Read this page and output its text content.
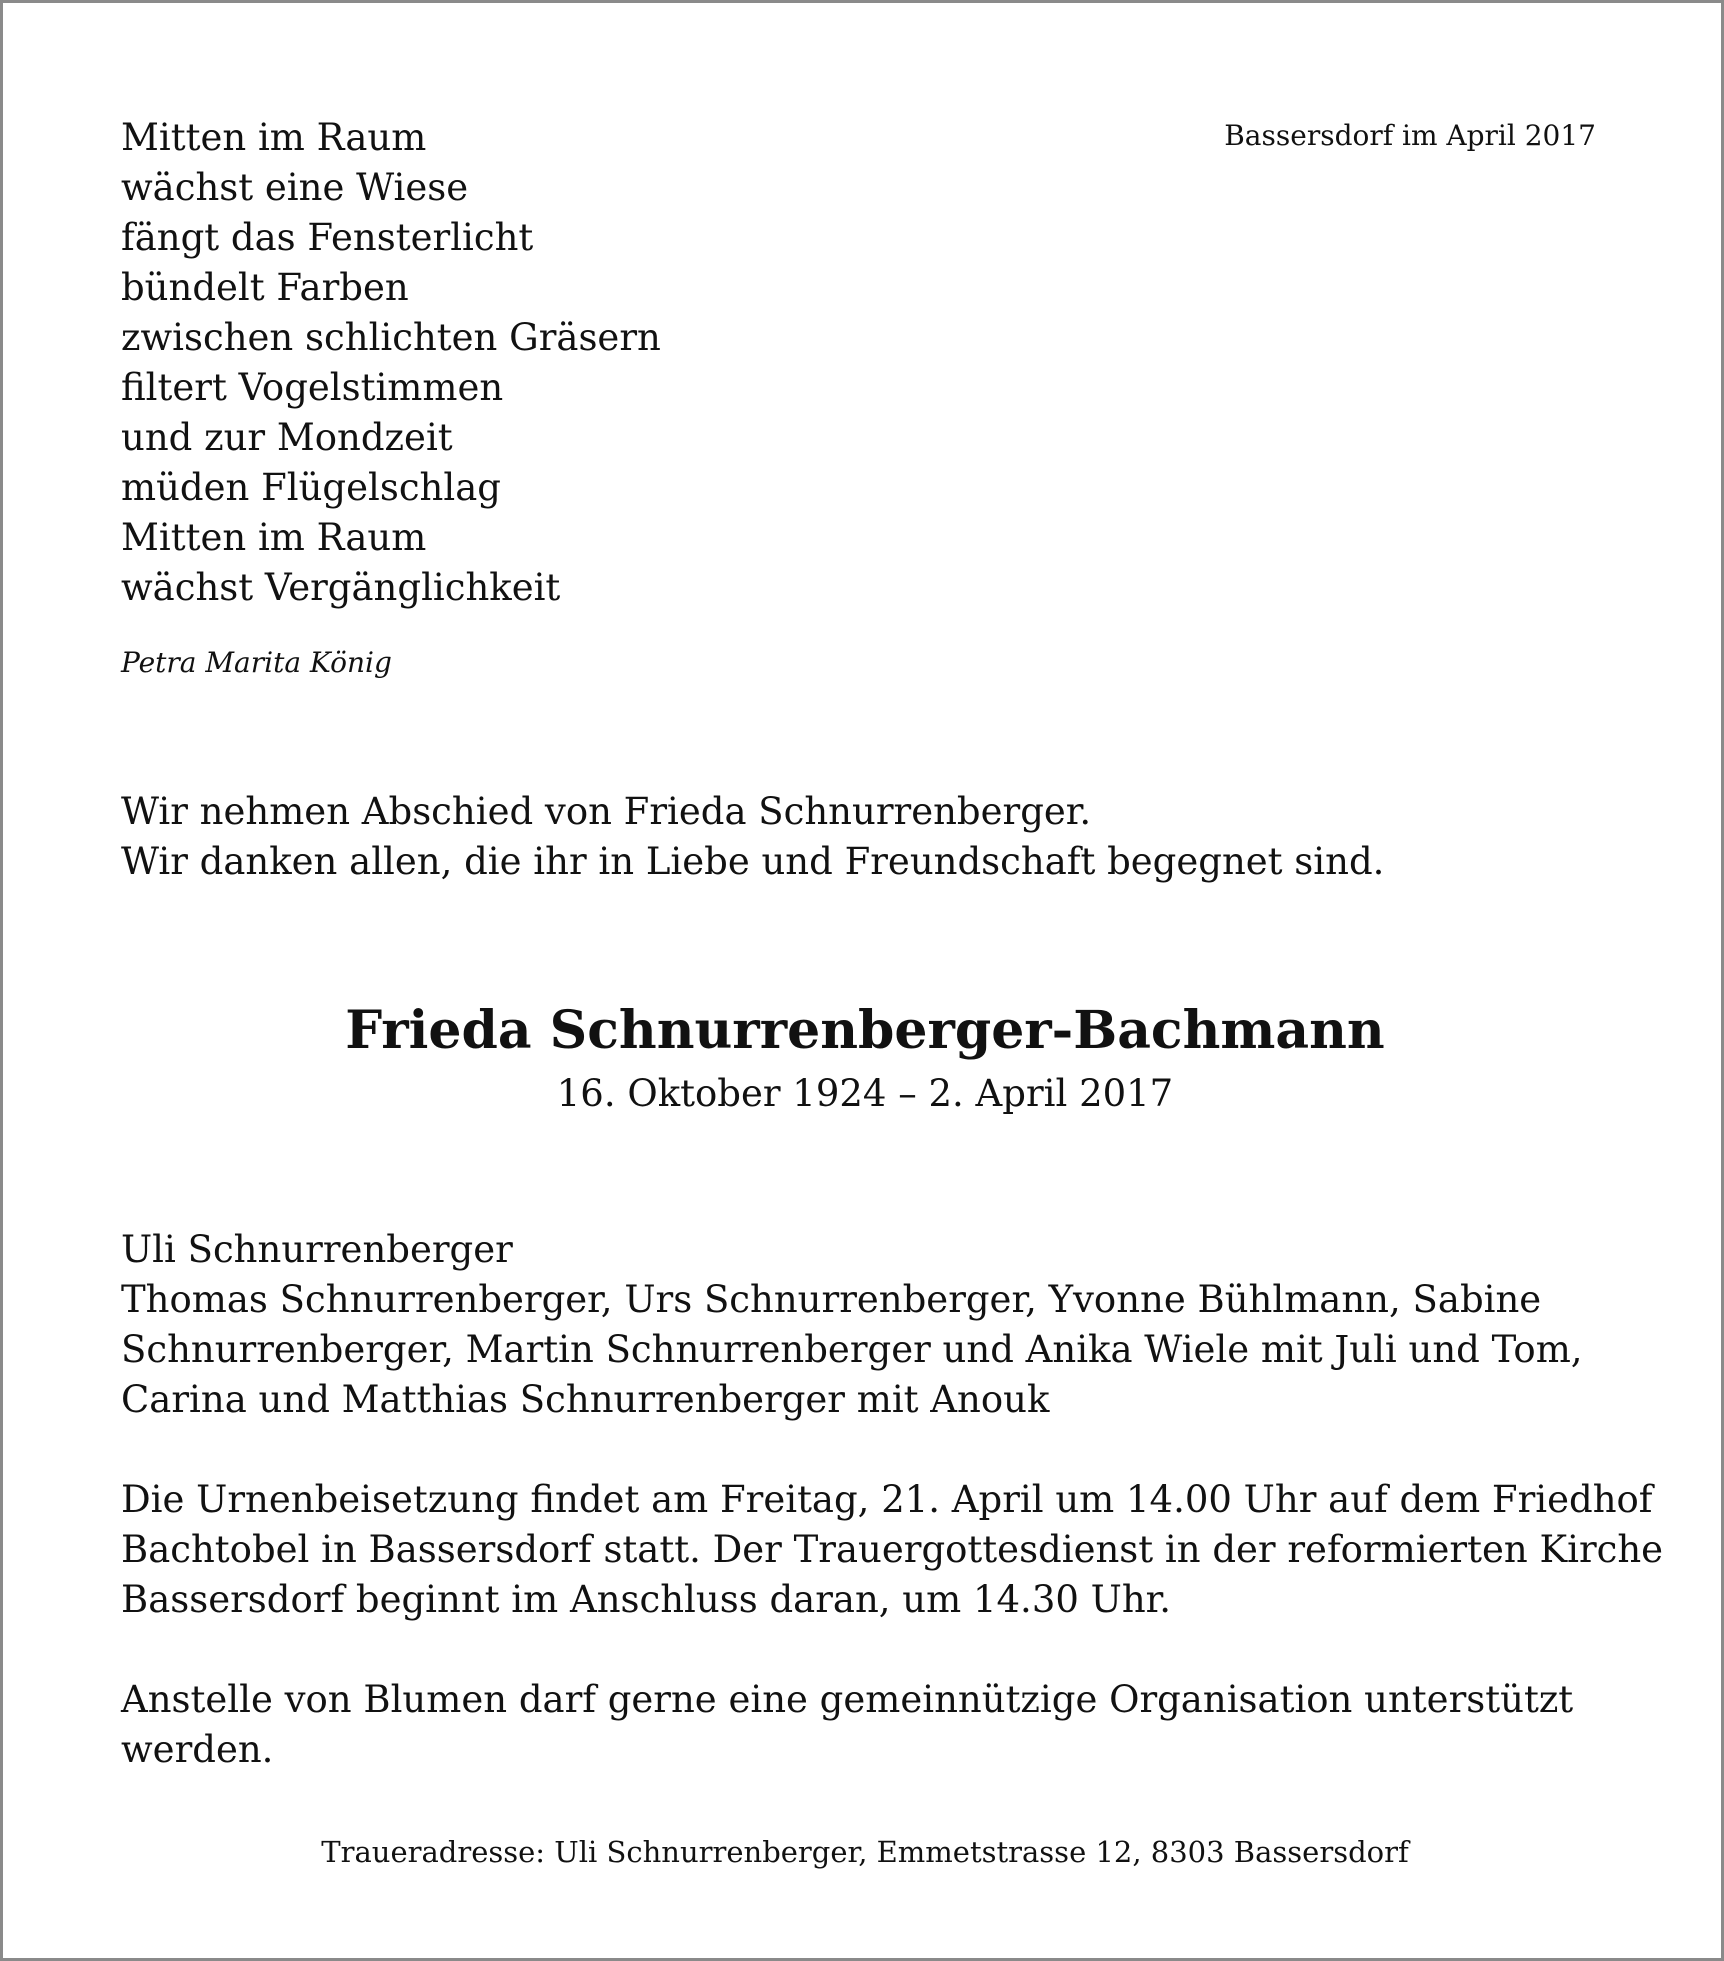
Bassersdorf im April 2017
Mitten im Raum
wächst eine Wiese
fängt das Fensterlicht
bündelt Farben
zwischen schlichten Gräsern
filtert Vogelstimmen
und zur Mondzeit
müden Flügelschlag
Mitten im Raum
wächst Vergänglichkeit
Petra Marita König
Wir nehmen Abschied von Frieda Schnurrenberger.
Wir danken allen, die ihr in Liebe und Freundschaft begegnet sind.
Frieda Schnurrenberger-Bachmann
16. Oktober 1924 – 2. April 2017
Uli Schnurrenberger
Thomas Schnurrenberger, Urs Schnurrenberger, Yvonne Bühlmann, Sabine
Schnurrenberger, Martin Schnurrenberger und Anika Wiele mit Juli und Tom,
Carina und Matthias Schnurrenberger mit Anouk
Die Urnenbeisetzung findet am Freitag, 21. April um 14.00 Uhr auf dem Friedhof
Bachtobel in Bassersdorf statt. Der Trauergottesdienst in der reformierten Kirche
Bassersdorf beginnt im Anschluss daran, um 14.30 Uhr.
Anstelle von Blumen darf gerne eine gemeinnützige Organisation unterstützt
werden.
Traueradresse: Uli Schnurrenberger, Emmetstrasse 12, 8303 Bassersdorf
